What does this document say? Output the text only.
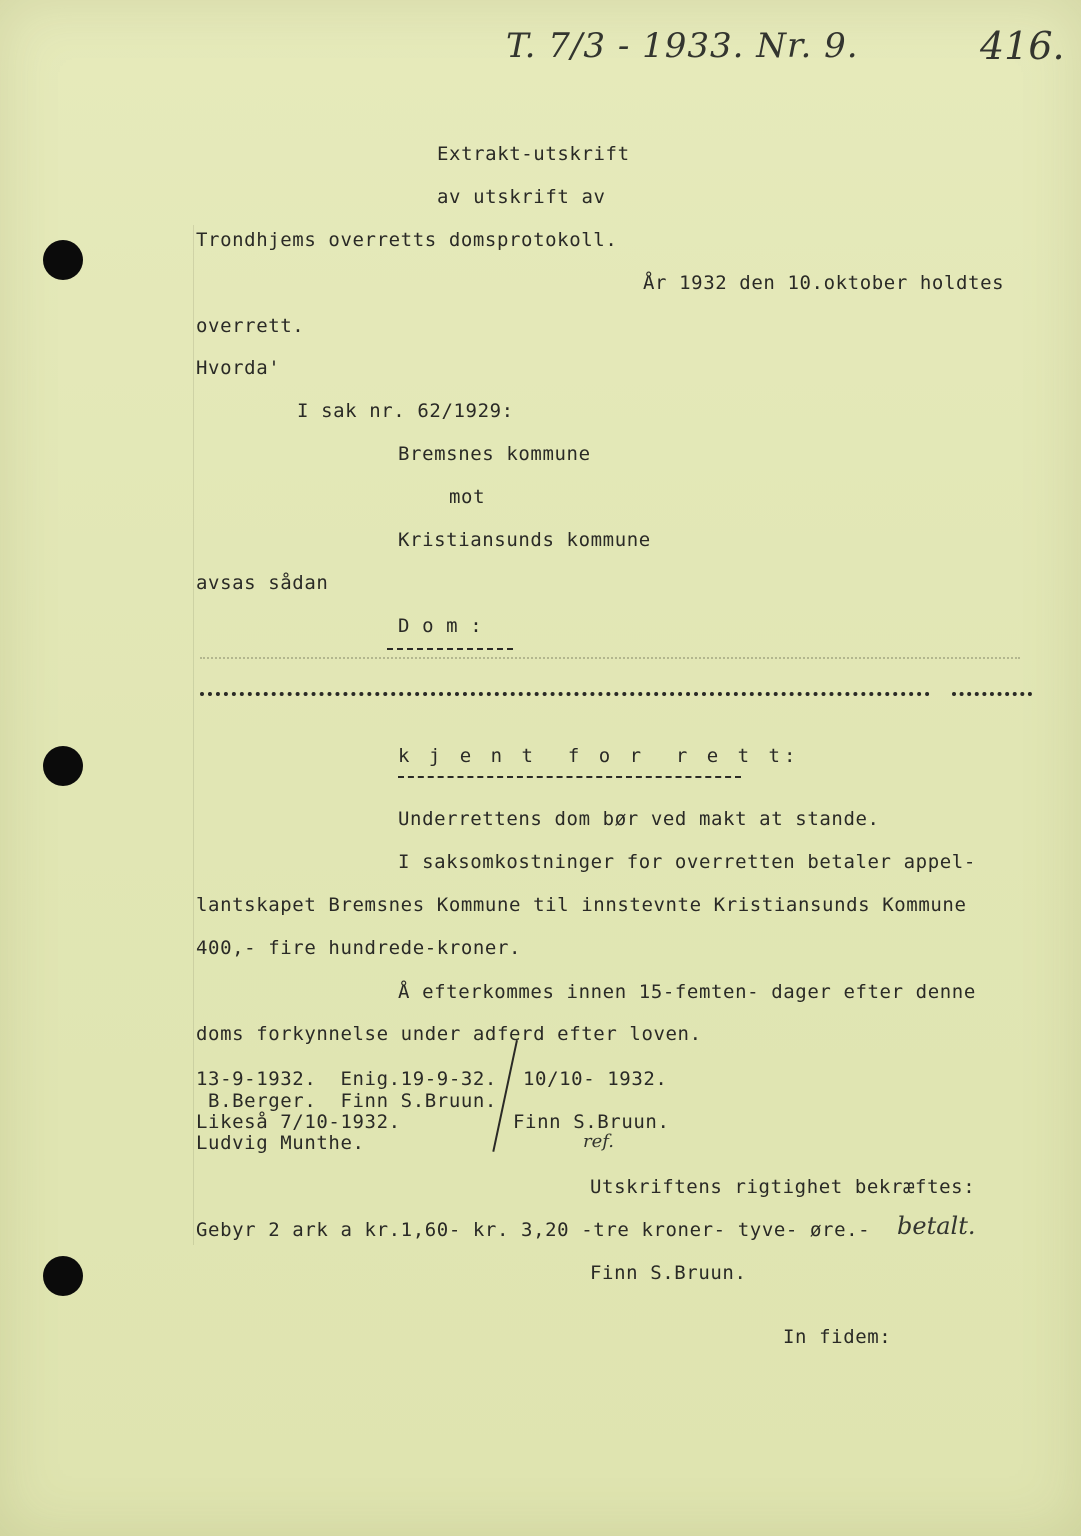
T. 7/3 - 1933. Nr. 9.	416.
Extrakt-utskrift
av utskrift av
Trondhjems overretts domsprotokoll.
År 1932 den 10.oktober holdtes
overrett.
Hvorda'
I sak nr. 62/1929:
Bremsnes kommune
mot
Kristiansunds kommune
avsas sådan
D o m :
k j e n t  f o r  r e t t:
Underrettens dom bør ved makt at stande.
I saksomkostninger for overretten betaler appel-
lantskapet Bremsnes Kommune til innstevnte Kristiansunds Kommune
400,- fire hundrede-kroner.
Å efterkommes innen 15-femten- dager efter denne
doms forkynnelse under adferd efter loven.
13-9-1932.  Enig.19-9-32. 10/10- 1932.
B.Berger.  Finn S.Bruun.
Likeså 7/10-1932.	Finn S.Bruun.
Ludvig Munthe.	ref.
Utskriftens rigtighet bekræftes:
Gebyr 2 ark a kr.1,60- kr. 3,20 -tre kroner- tyve- øre.- betalt.
Finn S.Bruun.
In fidem:
